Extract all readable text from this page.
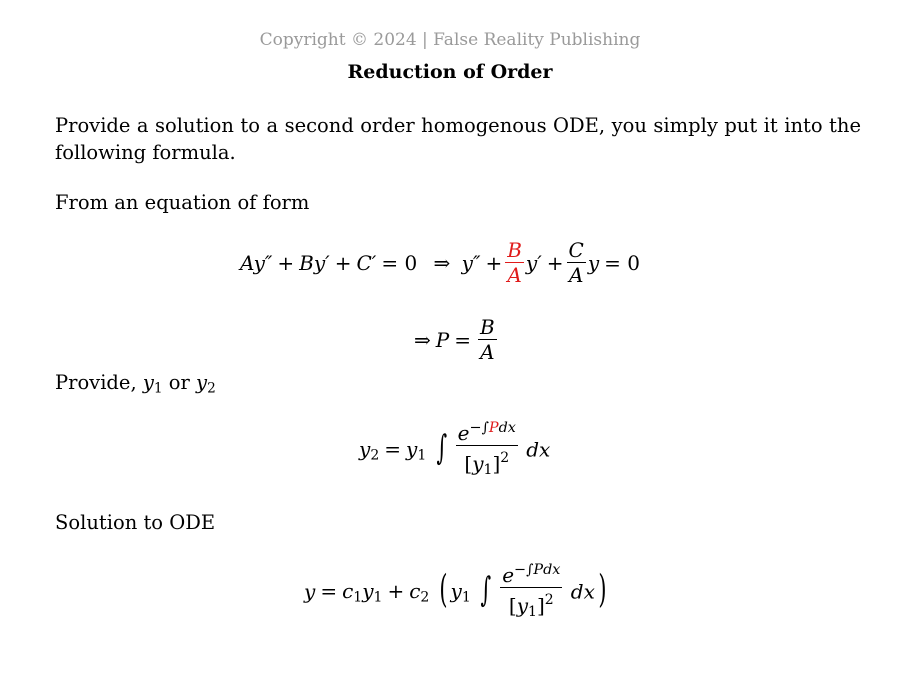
Copyright © 2024 | False Reality Publishing
Reduction of Order
Provide a solution to a second order homogenous ODE, you simply put it into the following formula.
From an equation of form
Ay″ + By′ + C′ = 0 ⇒ $y'' + \frac{B}{A} y' + \frac{C}{A}$ y = 0
⇒ $P = \frac{B}{A}$
Provide, $y_1$ or $y_2$
$y_2 = y_1$ ∫ $\frac{e^{-\int Pdx}}{[y_1]^2}$ dx
Solution to ODE
$y = c_1y_1 + c_2$ ( $y_1$ ∫ $\frac{e^{-\int Pdx}}{[y_1]^2} dx$)
